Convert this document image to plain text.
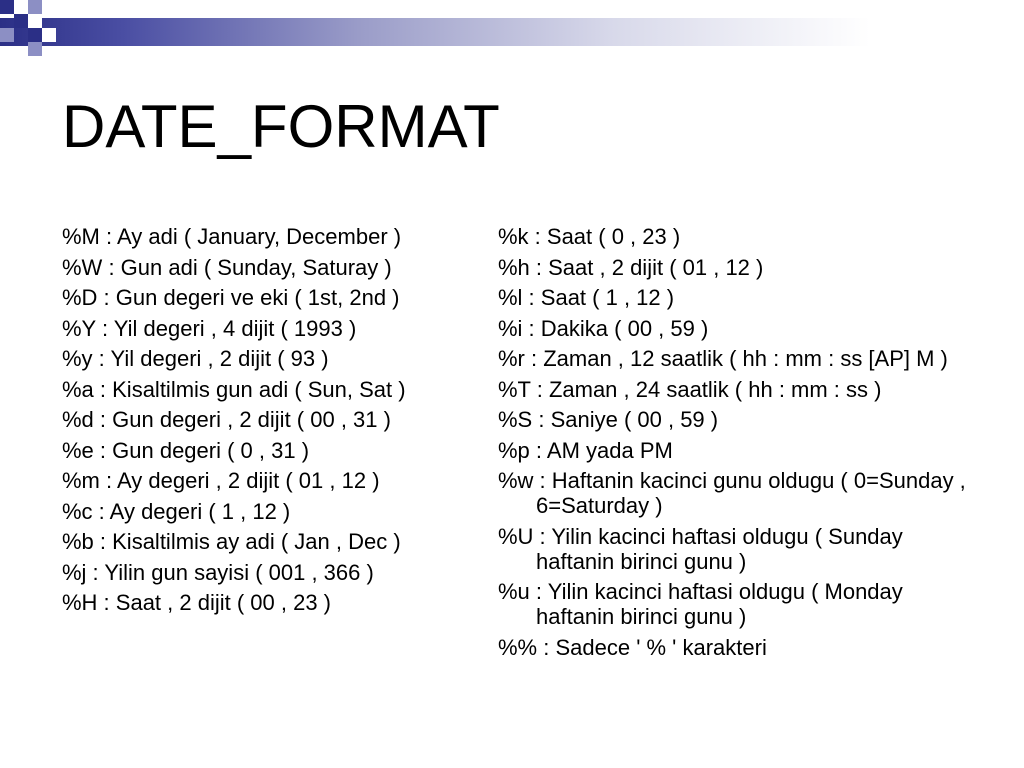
DATE_FORMAT
%M : Ay adi ( January, December )
%W : Gun adi ( Sunday, Saturay )
%D : Gun degeri ve eki ( 1st, 2nd )
%Y : Yil degeri , 4 dijit ( 1993 )
%y : Yil degeri , 2 dijit ( 93 )
%a : Kisaltilmis gun adi ( Sun, Sat )
%d : Gun degeri , 2 dijit ( 00 , 31 )
%e : Gun degeri ( 0 , 31 )
%m : Ay degeri , 2 dijit ( 01 , 12 )
%c : Ay degeri ( 1 , 12 )
%b : Kisaltilmis ay adi ( Jan , Dec )
%j : Yilin gun sayisi ( 001 , 366 )
%H : Saat , 2 dijit ( 00 , 23 )
%k : Saat ( 0 , 23 )
%h : Saat , 2 dijit ( 01 , 12 )
%l : Saat ( 1 , 12 )
%i : Dakika ( 00 , 59 )
%r : Zaman , 12 saatlik ( hh : mm : ss [AP] M )
%T : Zaman , 24 saatlik ( hh : mm : ss )
%S : Saniye ( 00 , 59 )
%p : AM yada PM
%w : Haftanin kacinci gunu oldugu ( 0=Sunday , 6=Saturday )
%U : Yilin kacinci haftasi oldugu ( Sunday haftanin birinci gunu )
%u : Yilin kacinci haftasi oldugu ( Monday haftanin birinci gunu )
%% : Sadece ' % ' karakteri
